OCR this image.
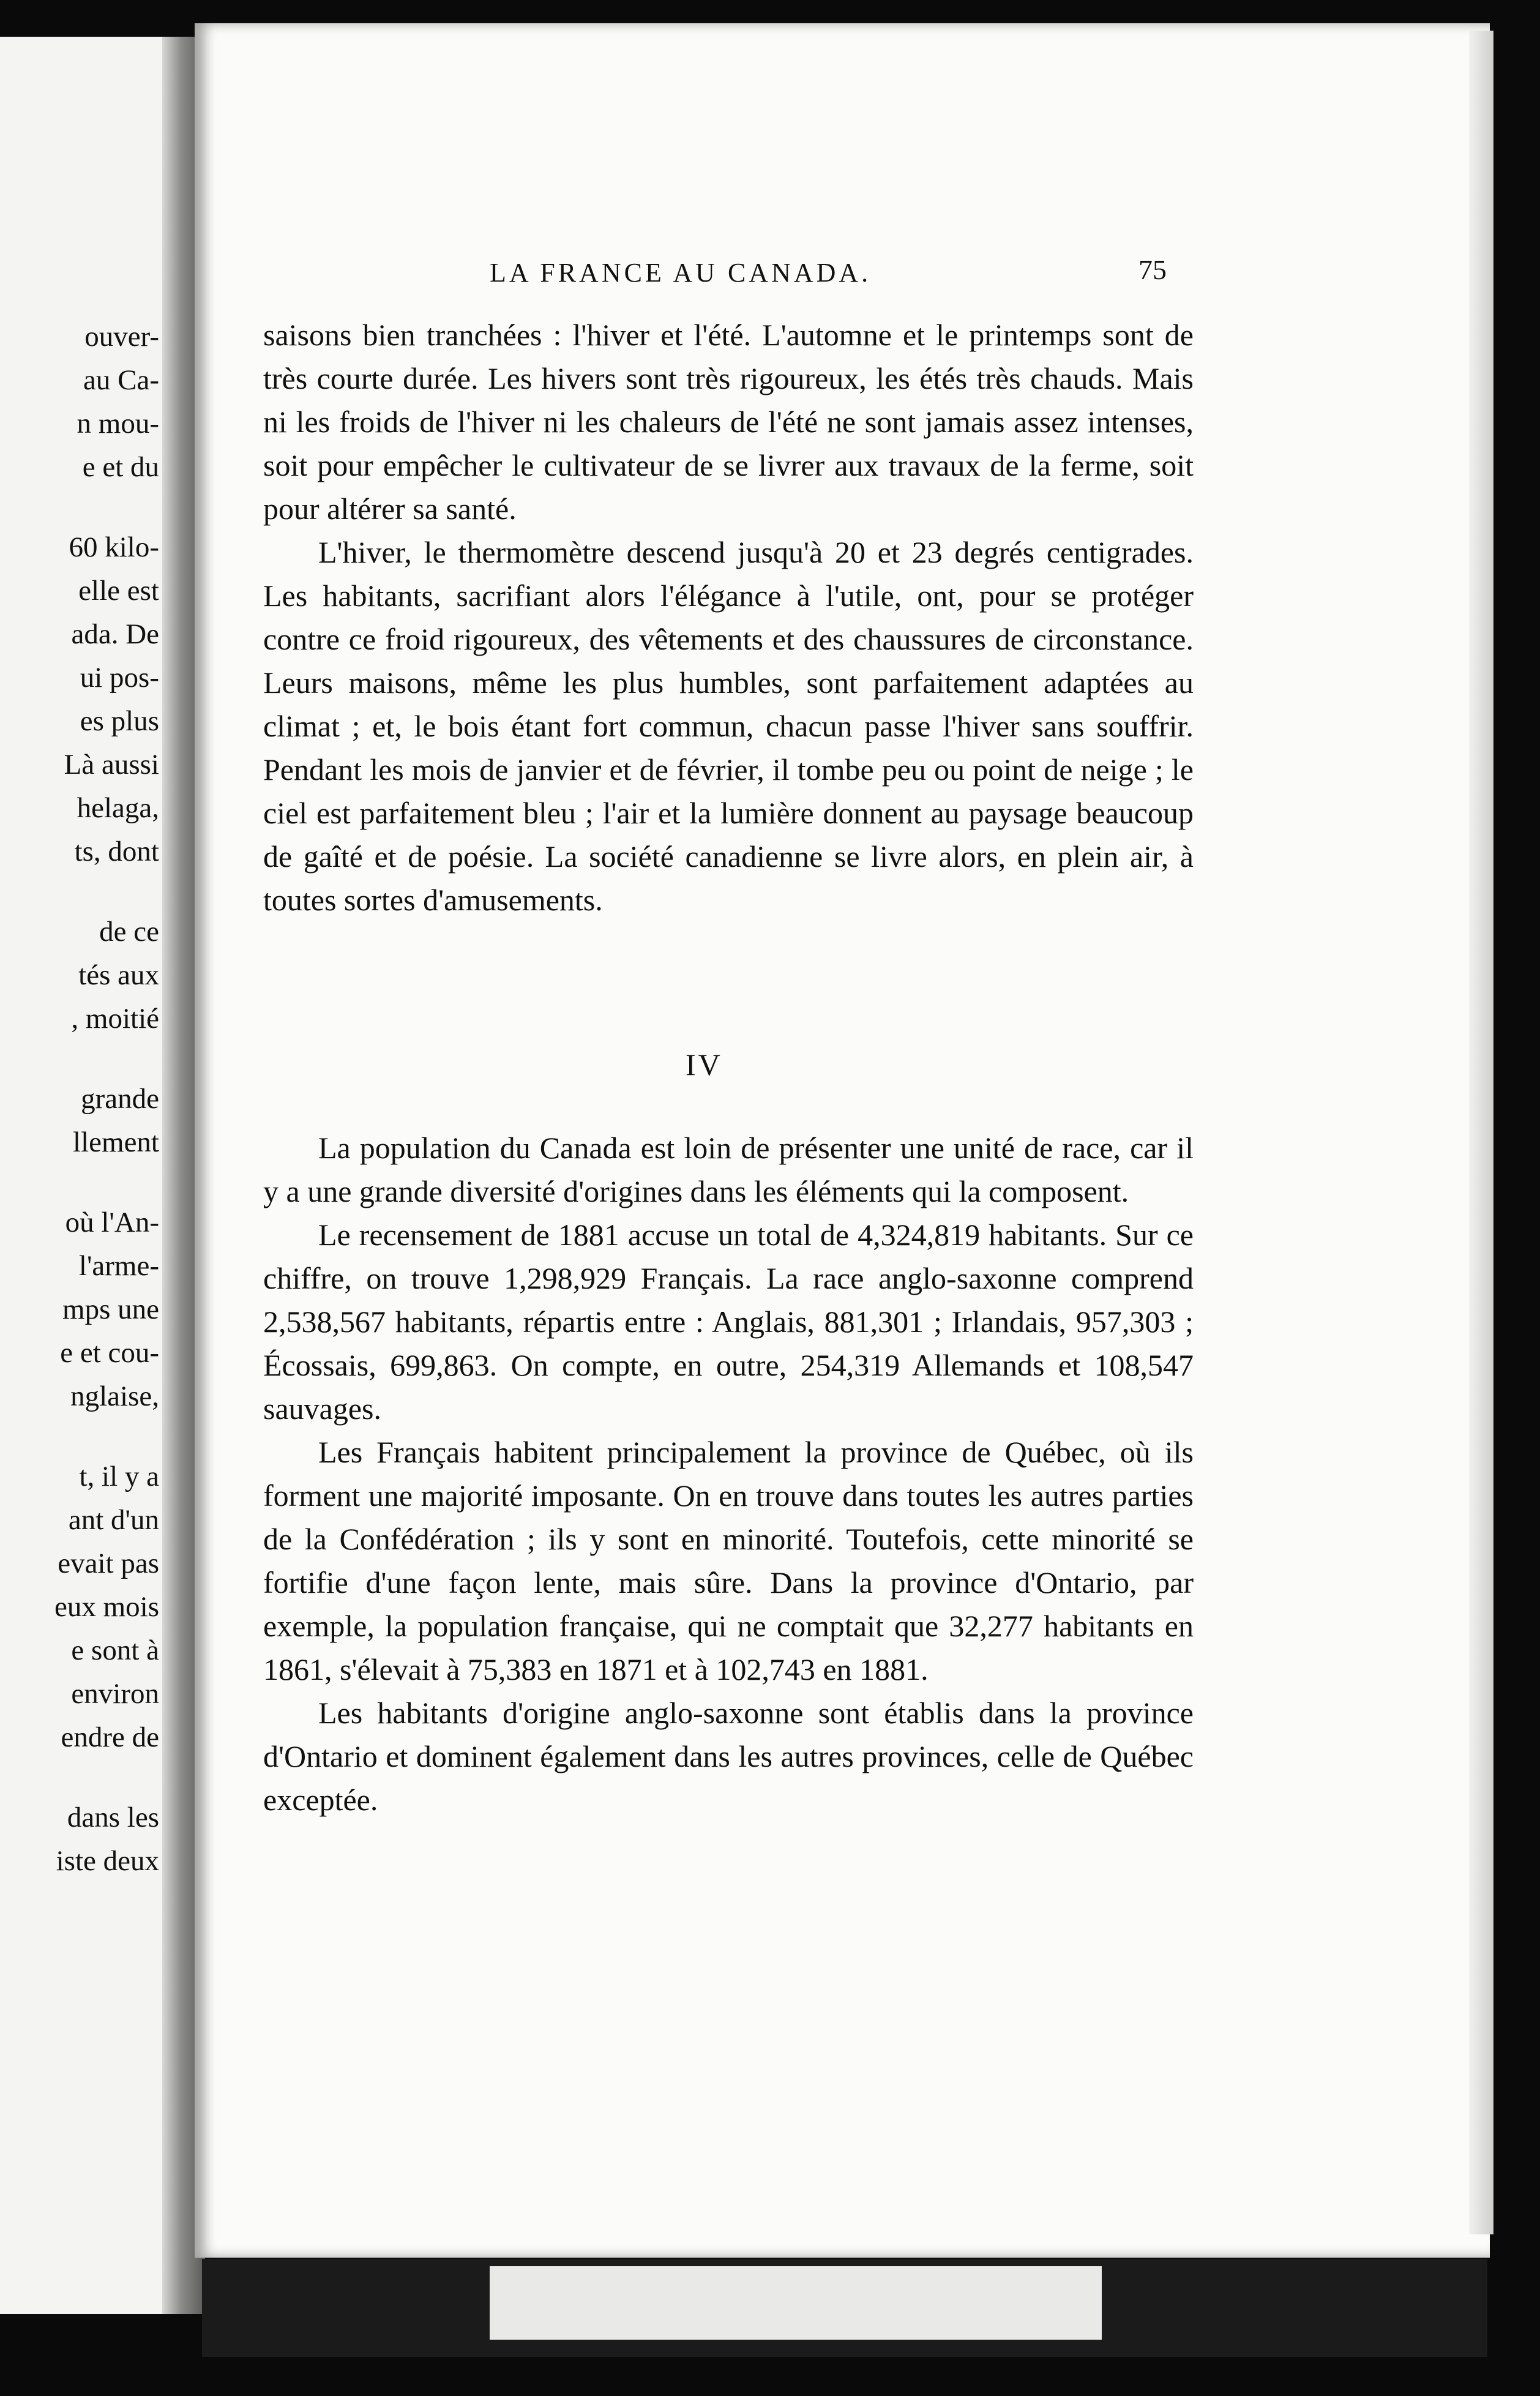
ouver-
au Ca-
n mou-
e et du
60 kilo-
elle est
ada. De
ui pos-
es plus
Là aussi
helaga,
ts, dont
de ce
tés aux
, moitié
grande
llement
où l'An-
l'arme-
mps une
e et cou-
nglaise,
t, il y a
ant d'un
evait pas
eux mois
e sont à
environ
endre de
dans les
iste deux
LA FRANCE AU CANADA.	75

saisons bien tranchées : l'hiver et l'été. L'automne et le printemps sont de très courte durée. Les hivers sont très rigoureux, les étés très chauds. Mais ni les froids de l'hiver ni les chaleurs de l'été ne sont jamais assez intenses, soit pour empêcher le cultivateur de se livrer aux travaux de la ferme, soit pour altérer sa santé.

L'hiver, le thermomètre descend jusqu'à 20 et 23 degrés centigrades. Les habitants, sacrifiant alors l'élégance à l'utile, ont, pour se protéger contre ce froid rigoureux, des vêtements et des chaussures de circonstance. Leurs maisons, même les plus humbles, sont parfaitement adaptées au climat ; et, le bois étant fort commun, chacun passe l'hiver sans souffrir. Pendant les mois de janvier et de février, il tombe peu ou point de neige ; le ciel est parfaitement bleu ; l'air et la lumière donnent au paysage beaucoup de gaîté et de poésie. La société canadienne se livre alors, en plein air, à toutes sortes d'amusements.

IV

La population du Canada est loin de présenter une unité de race, car il y a une grande diversité d'origines dans les éléments qui la composent.

Le recensement de 1881 accuse un total de 4,324,819 habitants. Sur ce chiffre, on trouve 1,298,929 Français. La race anglo-saxonne comprend 2,538,567 habitants, répartis entre : Anglais, 881,301 ; Irlandais, 957,303 ; Écossais, 699,863. On compte, en outre, 254,319 Allemands et 108,547 sauvages.

Les Français habitent principalement la province de Québec, où ils forment une majorité imposante. On en trouve dans toutes les autres parties de la Confédération ; ils y sont en minorité. Toutefois, cette minorité se fortifie d'une façon lente, mais sûre. Dans la province d'Ontario, par exemple, la population française, qui ne comptait que 32,277 habitants en 1861, s'élevait à 75,383 en 1871 et à 102,743 en 1881.

Les habitants d'origine anglo-saxonne sont établis dans la province d'Ontario et dominent également dans les autres provinces, celle de Québec exceptée.
